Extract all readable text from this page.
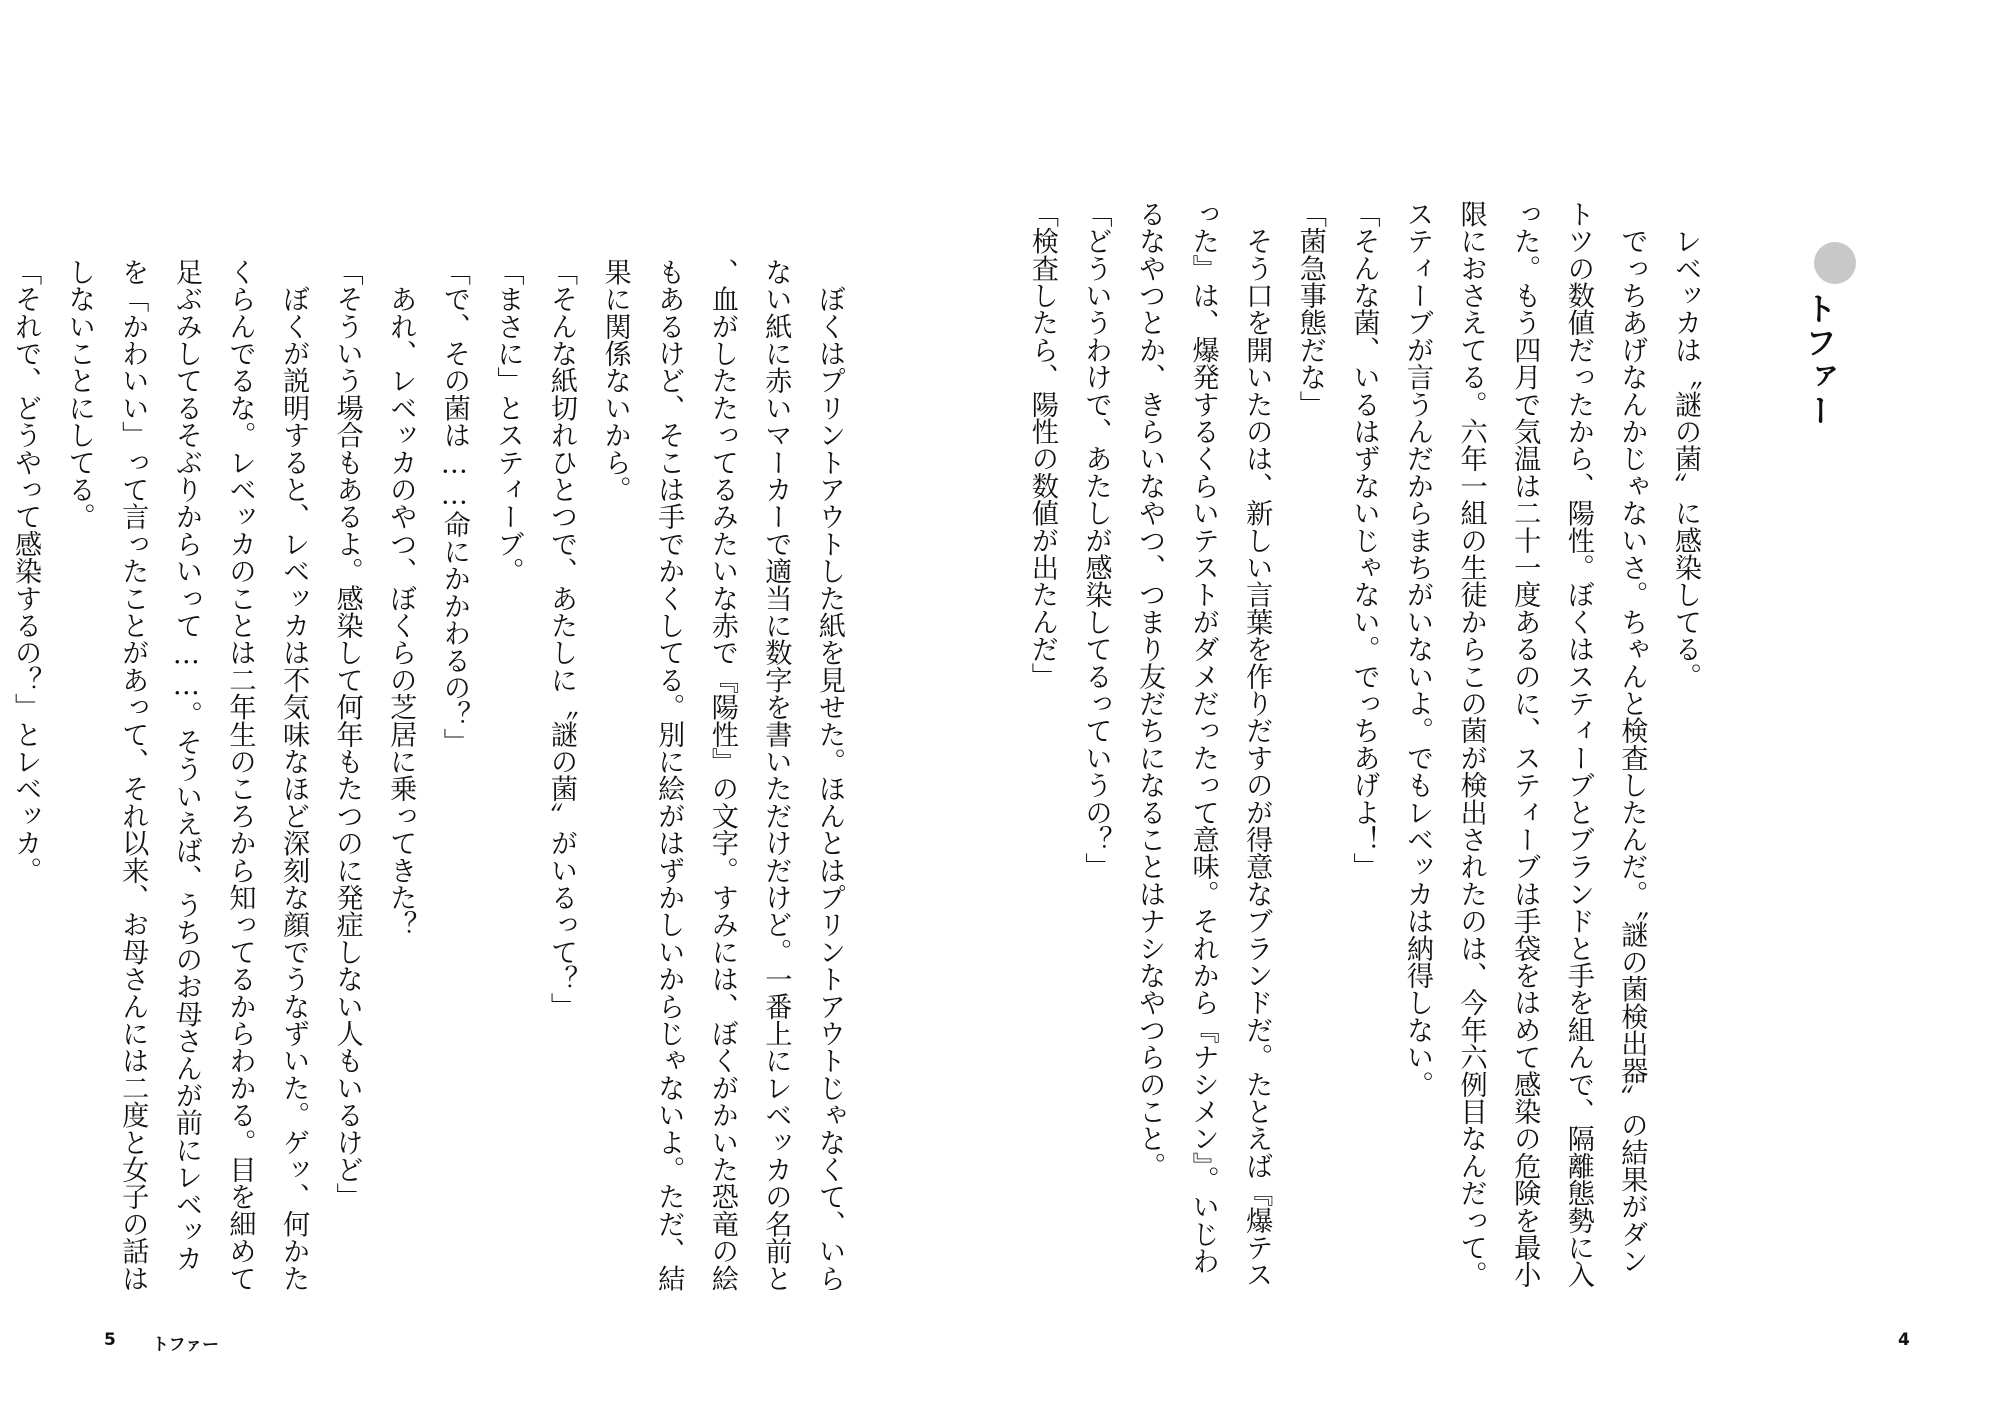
　ぼくはプリントアウトした紙を見せた。ほんとはプリントアウトじゃなくて、いらない紙に赤いマーカーで適当に数字を書いただけだけど。一番上にレベッカの名前と、血がしたたってるみたいな赤で『陽性』の文字。すみには、ぼくがかいた恐竜の絵もあるけど、そこは手でかくしてる。別に絵がはずかしいからじゃないよ。ただ、結果に関係ないから。
「そんな紙切れひとつで、あたしに〝謎の菌〟がいるって？」
「まさに」とスティーブ。
「で、その菌は……命にかかわるの？」
　あれ、レベッカのやつ、ぼくらの芝居に乗ってきた？
「そういう場合もあるよ。感染して何年もたつのに発症しない人もいるけど」
　ぼくが説明すると、レベッカは不気味なほど深刻な顔でうなずいた。ゲッ、何かたくらんでるな。レベッカのことは二年生のころから知ってるからわかる。目を細めて足ぶみしてるそぶりからいって……。そういえば、うちのお母さんが前にレベッカを「かわいい」って言ったことがあって、それ以来、お母さんには二度と女子の話はしないことにしてる。
「それで、どうやって感染するの？」とレベッカ。

5 トファー
トファー

　レベッカは〝謎の菌〟に感染してる。
　でっちあげなんかじゃないさ。ちゃんと検査したんだ。〝謎の菌検出器〟の結果がダントツの数値だったから、陽性。ぼくはスティーブとブランドと手を組んで、隔離態勢に入った。もう四月で気温は二十一度あるのに、スティーブは手袋をはめて感染の危険を最小限におさえてる。六年一組の生徒からこの菌が検出されたのは、今年六例目なんだって。スティーブが言うんだからまちがいないよ。でもレベッカは納得しない。
「そんな菌、いるはずないじゃない。でっちあげよ！」
「菌急事態だな」
　そう口を開いたのは、新しい言葉を作りだすのが得意なブランドだ。たとえば『爆テスった』は、爆発するくらいテストがダメだったって意味。それから『ナシメン』。いじわるなやつとか、きらいなやつ、つまり友だちになることはナシなやつらのこと。
「どういうわけで、あたしが感染してるっていうの？」
「検査したら、陽性の数値が出たんだ」

4
